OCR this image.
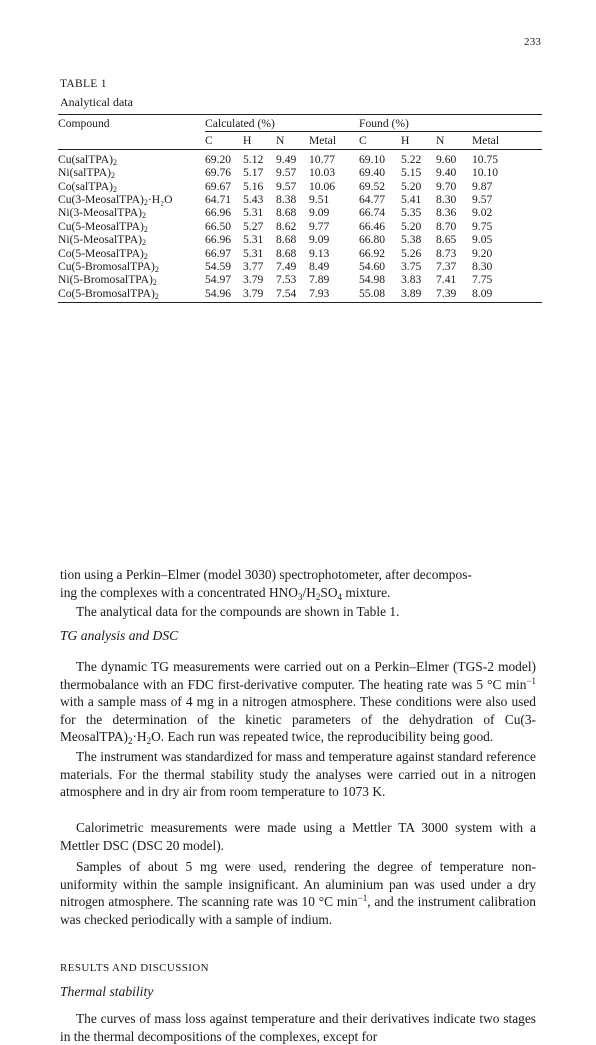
233
TABLE 1
Analytical data
Compound	Calculated (%)				Found (%)			
	C	H	N	Metal	C	H	N	Metal
$Cu(salTPA)_2$	69.20	5.12	9.49	10.77	69.10	5.22	9.60	10.75
$Ni(salTPA)_2$	69.76	5.17	9.57	10.03	69.40	5.15	9.40	10.10
$Co(salTPA)_2$	69.67	5.16	9.57	10.06	69.52	5.20	9.70	9.87
$Cu(3-MeosalTPA)_2\cdot H_2O$	64.71	5.43	8.38	9.51	64.77	5.41	8.30	9.57
$Ni(3-MeosalTPA)_2$	66.96	5.31	8.68	9.09	66.74	5.35	8.36	9.02
$Cu(5-MeosalTPA)_2$	66.50	5.27	8.62	9.77	66.46	5.20	8.70	9.75
$Ni(5-MeosalTPA)_2$	66.96	5.31	8.68	9.09	66.80	5.38	8.65	9.05
$Co(5-MeosalTPA)_2$	66.97	5.31	8.68	9.13	66.92	5.26	8.73	9.20
$Cu(5-BromosalTPA)_2$	54.59	3.77	7.49	8.49	54.60	3.75	7.37	8.30
$Ni(5-BromosalTPA)_2$	54.97	3.79	7.53	7.89	54.98	3.83	7.41	7.75
$Co(5-BromosalTPA)_2$	54.96	3.79	7.54	7.93	55.08	3.89	7.39	8.09

tion using a Perkin–Elmer (model 3030) spectrophotometer, after decompos-
ing the complexes with a concentrated $HNO_3/H_2SO_4$ mixture.

The analytical data for the compounds are shown in Table 1.

TG analysis and DSC

The dynamic TG measurements were carried out on a Perkin–Elmer (TGS-2 model) thermobalance with an FDC first-derivative computer. The heating rate was 5 °C $\min^{-1}$ with a sample mass of 4 mg in a nitrogen atmosphere. These conditions were also used for the determination of the kinetic parameters of the dehydration of $Cu(3-MeosalTPA)_2\cdot H_2O$. Each run was repeated twice, the reproducibility being good.

The instrument was standardized for mass and temperature against standard reference materials. For the thermal stability study the analyses were carried out in a nitrogen atmosphere and in dry air from room temperature to 1073 K.

Calorimetric measurements were made using a Mettler TA 3000 system with a Mettler DSC (DSC 20 model).

Samples of about 5 mg were used, rendering the degree of temperature non-uniformity within the sample insignificant. An aluminium pan was used under a dry nitrogen atmosphere. The scanning rate was 10 °C $\min^{-1}$, and the instrument calibration was checked periodically with a sample of indium.

RESULTS AND DISCUSSION
Thermal stability

The curves of mass loss against temperature and their derivatives indicate two stages in the thermal decompositions of the complexes, except for
